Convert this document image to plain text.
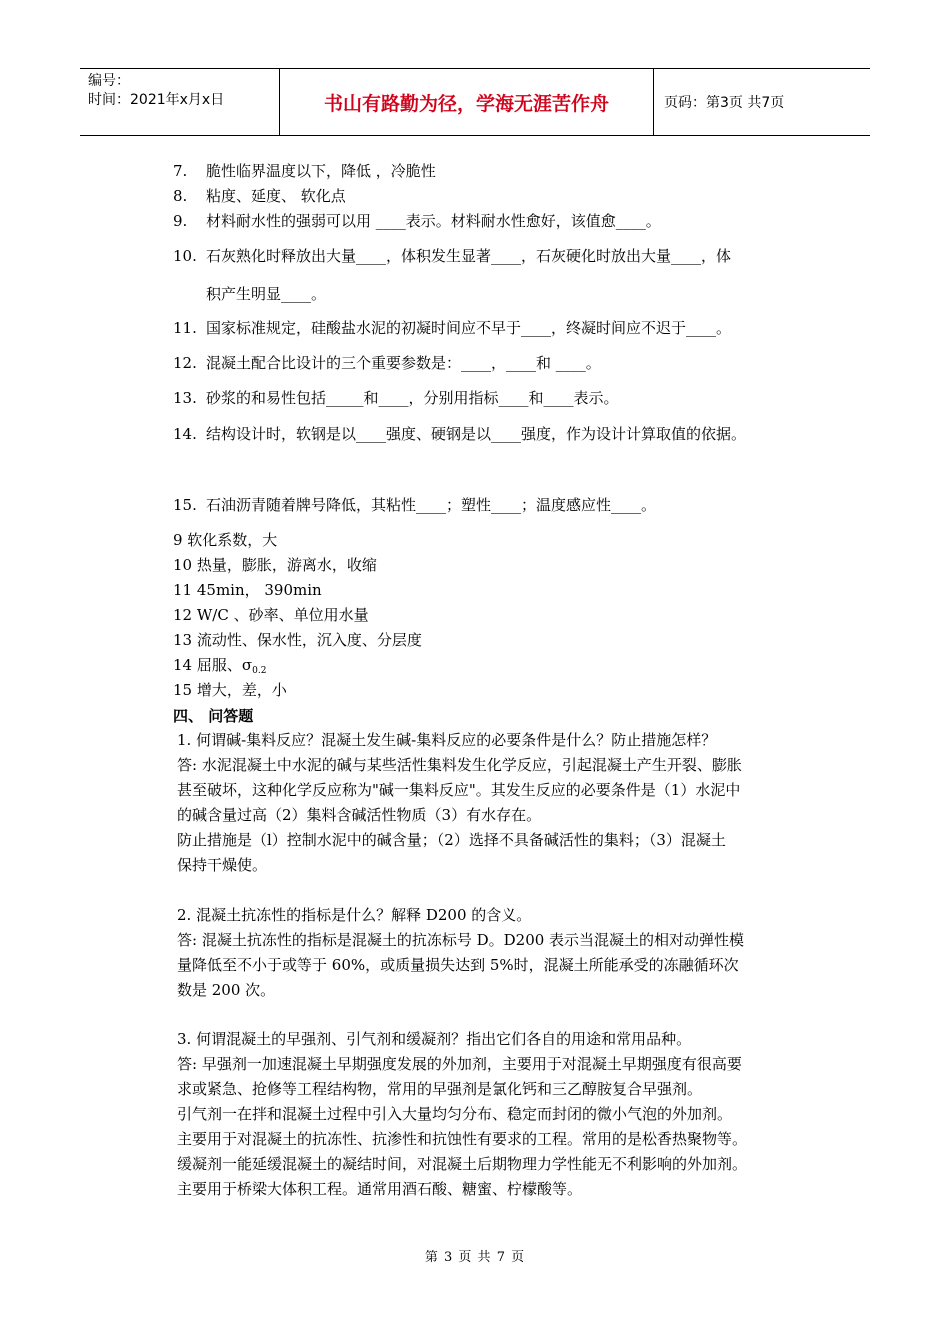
编号：
时间：2021年x月x日	书山有路勤为径，学海无涯苦作舟	页码：第3页 共7页
7. 脆性临界温度以下，降低 ，冷脆性
8. 粘度、延度、 软化点
9. 材料耐水性的强弱可以用 ____表示。材料耐水性愈好，该值愈____。
10. 石灰熟化时释放出大量____，体积发生显著____，石灰硬化时放出大量____，体
积产生明显____。
11. 国家标准规定，硅酸盐水泥的初凝时间应不早于____，终凝时间应不迟于____。
12. 混凝土配合比设计的三个重要参数是：____，____和 ____。
13. 砂浆的和易性包括_____和____，分别用指标____和____表示。
14. 结构设计时，软钢是以____强度、硬钢是以____强度，作为设计计算取值的依据。
15. 石油沥青随着牌号降低，其粘性____；塑性____；温度感应性____。
9 软化系数，大
10 热量，膨胀，游离水，收缩
11 45min， 390min
12 W/C 、砂率、单位用水量
13 流动性、保水性，沉入度、分层度
14 屈服、$\sigma_{0.2}$
15 增大，差，小
四、 问答题
1. 何谓碱-集料反应？混凝土发生碱-集料反应的必要条件是什么？防止措施怎样？
答: 水泥混凝土中水泥的碱与某些活性集料发生化学反应，引起混凝土产生开裂、膨胀
甚至破坏，这种化学反应称为"碱一集料反应"。其发生反应的必要条件是（1）水泥中
的碱含量过高（2）集料含碱活性物质（3）有水存在。
防止措施是（l）控制水泥中的碱含量；（2）选择不具备碱活性的集料；（3）混凝土
保持干燥使。
2. 混凝土抗冻性的指标是什么？解释 D200 的含义。
答: 混凝土抗冻性的指标是混凝土的抗冻标号 D。D200 表示当混凝土的相对动弹性模
量降低至不小于或等于 60%，或质量损失达到 5%时，混凝土所能承受的冻融循环次
数是 200 次。
3. 何谓混凝土的早强剂、引气剂和缓凝剂？指出它们各自的用途和常用品种。
答: 早强剂一加速混凝土早期强度发展的外加剂，主要用于对混凝土早期强度有很高要
求或紧急、抢修等工程结构物，常用的早强剂是氯化钙和三乙醇胺复合早强剂。
引气剂一在拌和混凝土过程中引入大量均匀分布、稳定而封闭的微小气泡的外加剂。
主要用于对混凝土的抗冻性、抗渗性和抗蚀性有要求的工程。常用的是松香热聚物等。
缓凝剂一能延缓混凝土的凝结时间，对混凝土后期物理力学性能无不利影响的外加剂。
主要用于桥梁大体积工程。通常用酒石酸、糖蜜、柠檬酸等。
第 3 页 共 7 页
